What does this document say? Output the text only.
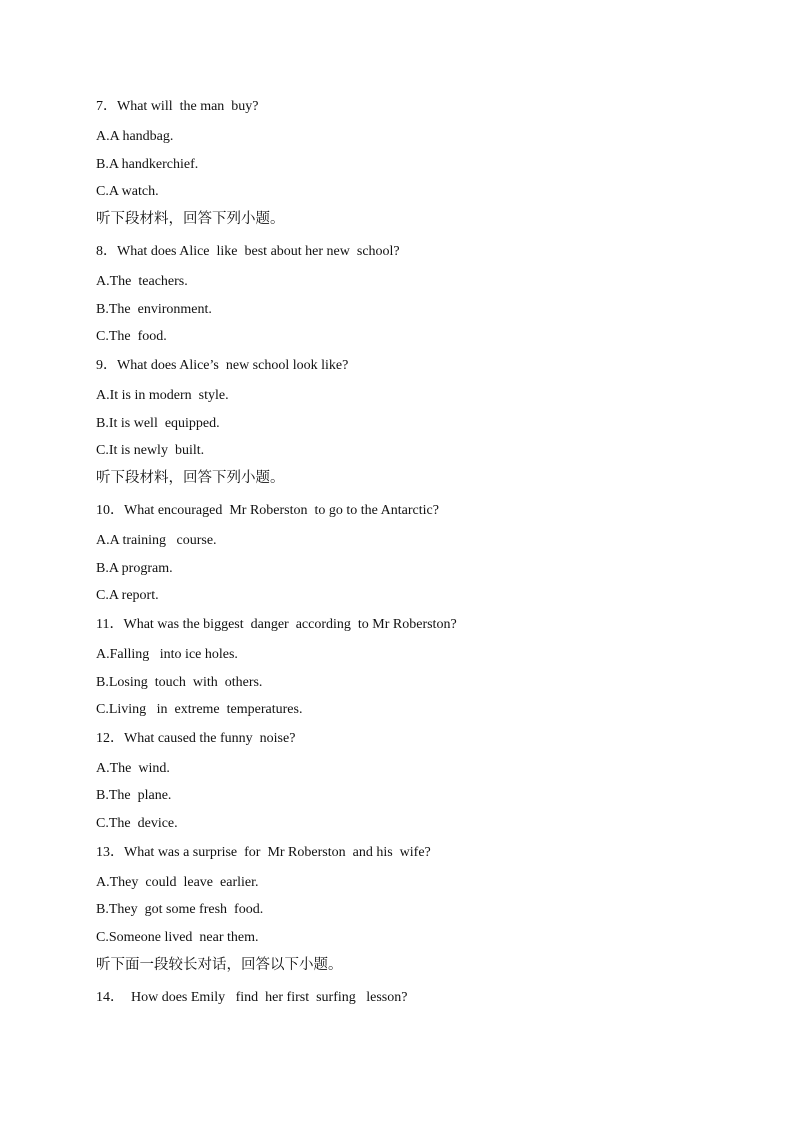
7．What will  the man  buy?
A.A handbag.
B.A handkerchief.
C.A watch.
听下段材料，回答下列小题。
8．What does Alice  like  best about her new  school?
A.The  teachers.
B.The  environment.
C.The  food.
9．What does Alice’s  new school look like?
A.It is in modern  style.
B.It is well  equipped.
C.It is newly  built.
听下段材料，回答下列小题。
10．What encouraged  Mr Roberston  to go to the Antarctic?
A.A training   course.
B.A program.
C.A report.
11．What was the biggest  danger  according  to Mr Roberston?
A.Falling   into ice holes.
B.Losing  touch  with  others.
C.Living   in  extreme  temperatures.
12．What caused the funny  noise?
A.The  wind.
B.The  plane.
C.The  device.
13．What was a surprise  for  Mr Roberston  and his  wife?
A.They  could  leave  earlier.
B.They  got some fresh  food.
C.Someone lived  near them.
听下面一段较长对话，回答以下小题。
14．  How does Emily   find  her first  surfing   lesson?
